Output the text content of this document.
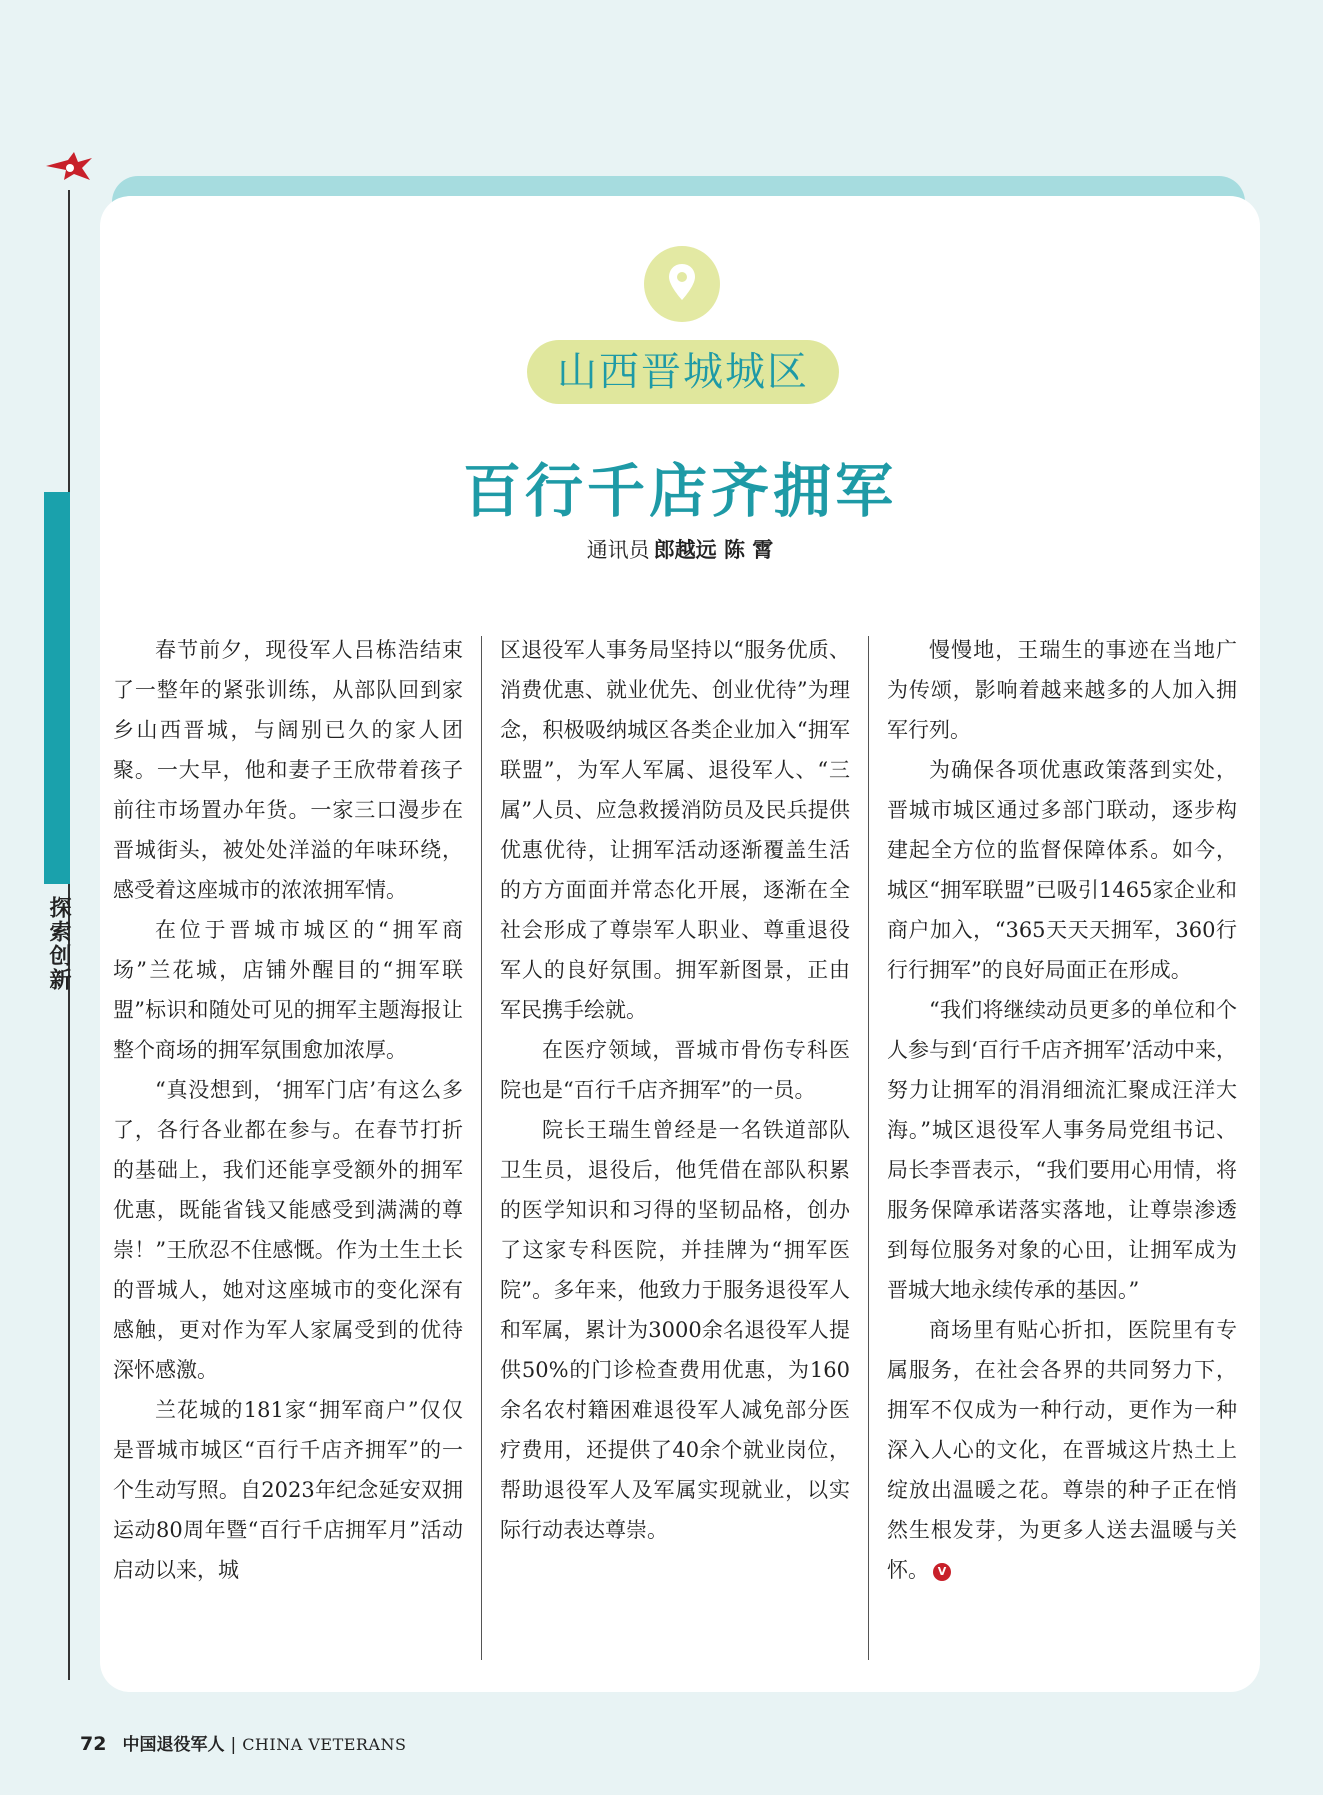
探索创新
山西晋城城区
百行千店齐拥军
通讯员 郎越远 陈 霄

春节前夕，现役军人吕栋浩结束了一整年的紧张训练，从部队回到家乡山西晋城，与阔别已久的家人团聚。一大早，他和妻子王欣带着孩子前往市场置办年货。一家三口漫步在晋城街头，被处处洋溢的年味环绕，感受着这座城市的浓浓拥军情。

在位于晋城市城区的“拥军商场”兰花城，店铺外醒目的“拥军联盟”标识和随处可见的拥军主题海报让整个商场的拥军氛围愈加浓厚。

“真没想到，‘拥军门店’有这么多了，各行各业都在参与。在春节打折的基础上，我们还能享受额外的拥军优惠，既能省钱又能感受到满满的尊崇！”王欣忍不住感慨。作为土生土长的晋城人，她对这座城市的变化深有感触，更对作为军人家属受到的优待深怀感激。

兰花城的181家“拥军商户”仅仅是晋城市城区“百行千店齐拥军”的一个生动写照。自2023年纪念延安双拥运动80周年暨“百行千店拥军月”活动启动以来，城

区退役军人事务局坚持以“服务优质、消费优惠、就业优先、创业优待”为理念，积极吸纳城区各类企业加入“拥军联盟”，为军人军属、退役军人、“三属”人员、应急救援消防员及民兵提供优惠优待，让拥军活动逐渐覆盖生活的方方面面并常态化开展，逐渐在全社会形成了尊崇军人职业、尊重退役军人的良好氛围。拥军新图景，正由军民携手绘就。

在医疗领域，晋城市骨伤专科医院也是“百行千店齐拥军”的一员。

院长王瑞生曾经是一名铁道部队卫生员，退役后，他凭借在部队积累的医学知识和习得的坚韧品格，创办了这家专科医院，并挂牌为“拥军医院”。多年来，他致力于服务退役军人和军属，累计为3000余名退役军人提供50%的门诊检查费用优惠，为160余名农村籍困难退役军人减免部分医疗费用，还提供了40余个就业岗位，帮助退役军人及军属实现就业，以实际行动表达尊崇。

慢慢地，王瑞生的事迹在当地广为传颂，影响着越来越多的人加入拥军行列。

为确保各项优惠政策落到实处，晋城市城区通过多部门联动，逐步构建起全方位的监督保障体系。如今，城区“拥军联盟”已吸引1465家企业和商户加入，“365天天天拥军，360行行行拥军”的良好局面正在形成。

“我们将继续动员更多的单位和个人参与到‘百行千店齐拥军’活动中来，努力让拥军的涓涓细流汇聚成汪洋大海。”城区退役军人事务局党组书记、局长李晋表示，“我们要用心用情，将服务保障承诺落实落地，让尊崇渗透到每位服务对象的心田，让拥军成为晋城大地永续传承的基因。”

商场里有贴心折扣，医院里有专属服务，在社会各界的共同努力下，拥军不仅成为一种行动，更作为一种深入人心的文化，在晋城这片热土上绽放出温暖之花。尊崇的种子正在悄然生根发芽，为更多人送去温暖与关怀。 V

72 中国退役军人 | CHINA VETERANS
